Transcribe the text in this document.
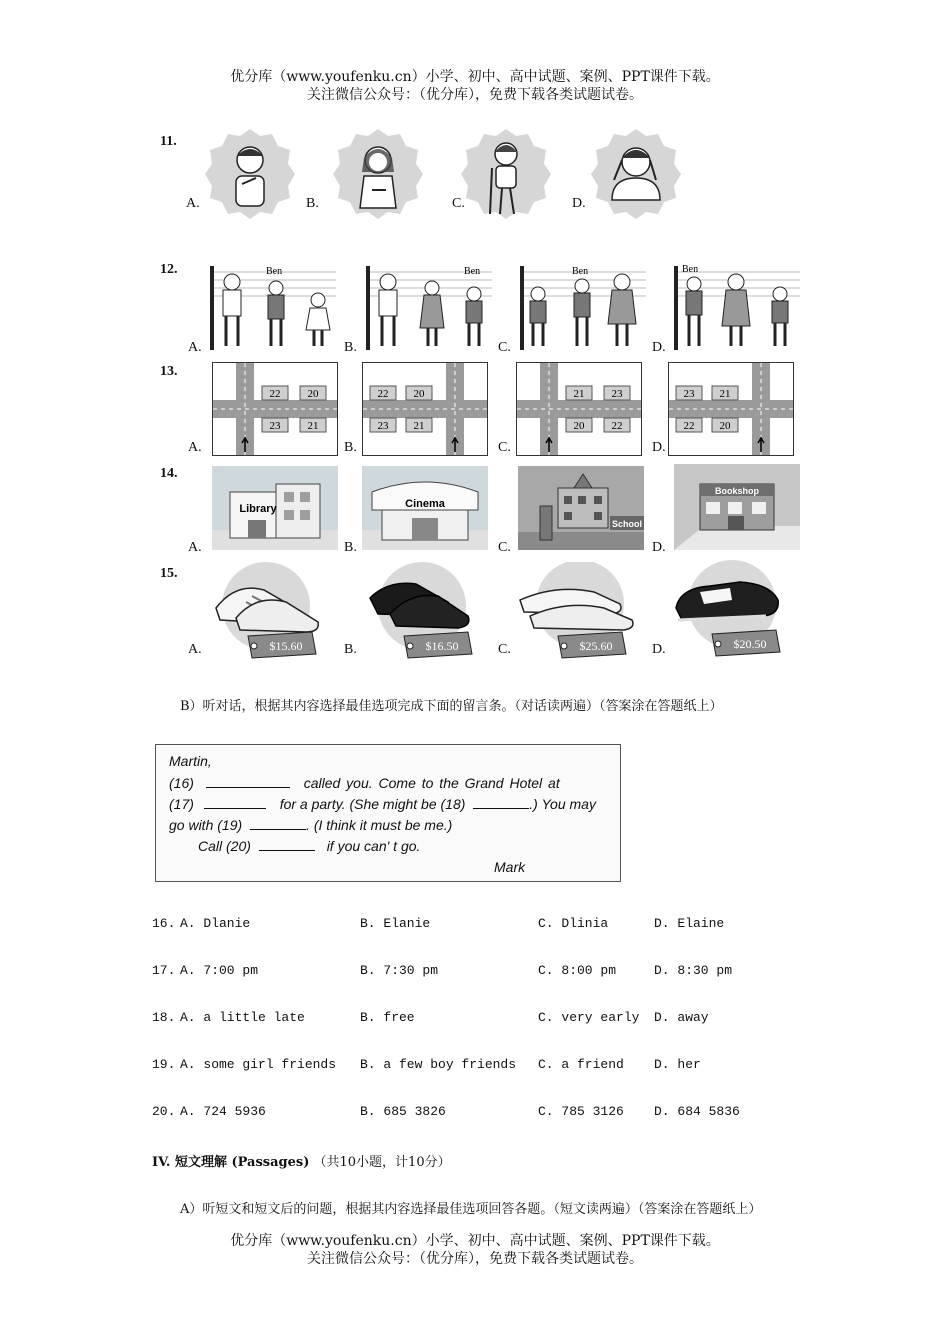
优分库（www.youfenku.cn）小学、初中、高中试题、案例、PPT课件下载。
关注微信公众号：（优分库），免费下载各类试题试卷。
11.
A.	B.	C.	D.
12.
A.	B.	C.	D.
Ben	Ben	Ben	Ben
13.
A.	B.	C.	D.
22 20
23 21
22 20
23 21
21 23
20 22
23 21
22 20
14.
A.	B.	C.	D.
Library	Cinema
School
Bookshop
15.
A.	B.	C.	D.
$15.60	$16.50	$25.60	$20.50
B）听对话，根据其内容选择最佳选项完成下面的留言条。（对话读两遍）（答案涂在答题纸上）
Martin,
(16)	called you. Come to the Grand Hotel at
(17)	for a party. (She might be (18)	.) You may
go with (19)	. (I think it must be me.)
Call (20)	if you can' t go.
Mark
16. A. Dlanie	B. Elanie	C. Dlinia	D. Elaine
17. A. 7:00 pm	B. 7:30 pm	C. 8:00 pm	D. 8:30 pm
18. A. a little late	B. free	C. very early D. away
19. A. some girl friends B. a few boy friends C. a friend D. her
20. A. 724 5936	B. 685 3826	C. 785 3126 D. 684 5836
IV. 短文理解 (Passages) （共10小题，计10分）
A）听短文和短文后的问题，根据其内容选择最佳选项回答各题。（短文读两遍）（答案涂在答题纸上）
优分库（www.youfenku.cn）小学、初中、高中试题、案例、PPT课件下载。
关注微信公众号：（优分库），免费下载各类试题试卷。
